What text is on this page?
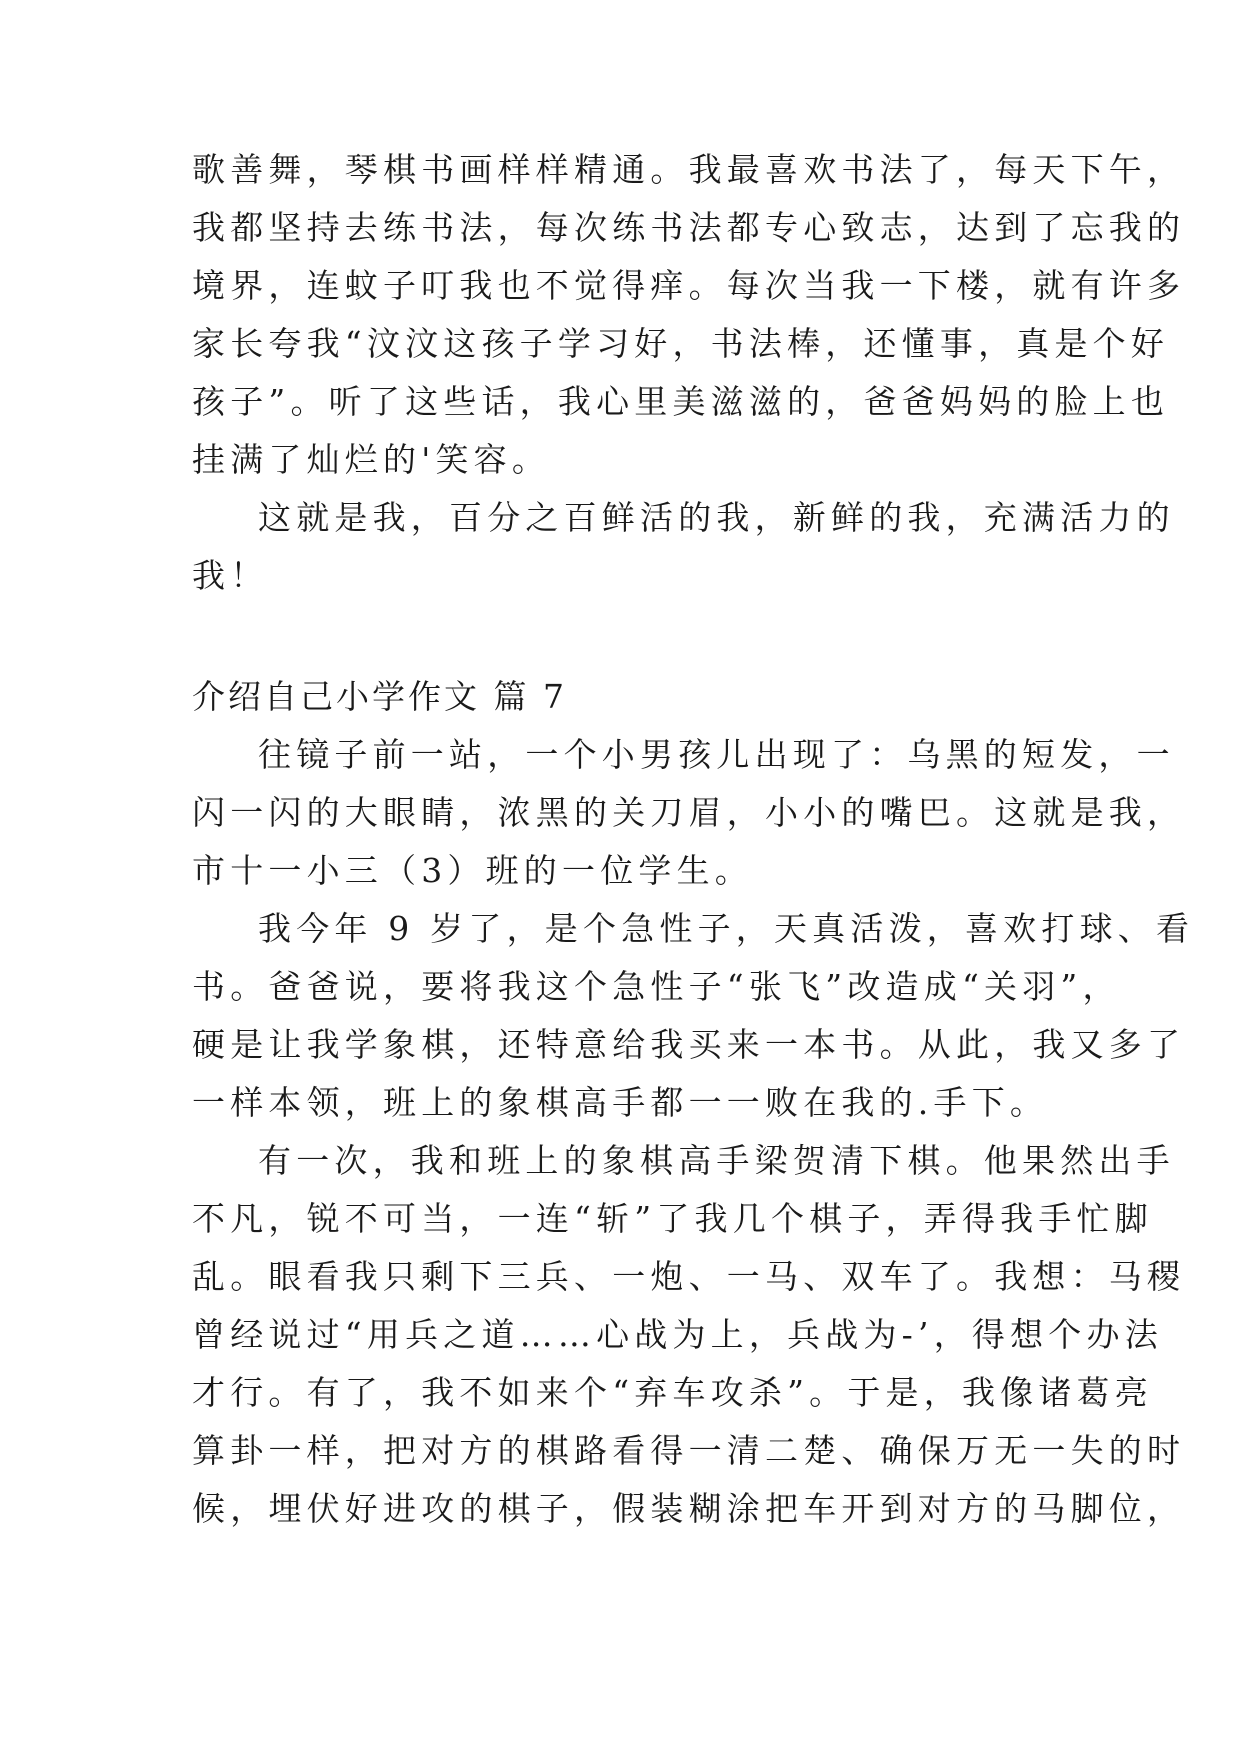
歌善舞，琴棋书画样样精通。我最喜欢书法了，每天下午，
我都坚持去练书法，每次练书法都专心致志，达到了忘我的
境界，连蚊子叮我也不觉得痒。每次当我一下楼，就有许多
家长夸我“汶汶这孩子学习好，书法棒，还懂事，真是个好
孩子”。听了这些话，我心里美滋滋的，爸爸妈妈的脸上也
挂满了灿烂的'笑容。
这就是我，百分之百鲜活的我，新鲜的我，充满活力的
我！
介绍自己小学作文 篇 7
往镜子前一站，一个小男孩儿出现了：乌黑的短发，一
闪一闪的大眼睛，浓黑的关刀眉，小小的嘴巴。这就是我，
市十一小三（3）班的一位学生。
我今年 9 岁了，是个急性子，天真活泼，喜欢打球、看
书。爸爸说，要将我这个急性子“张飞”改造成“关羽”，
硬是让我学象棋，还特意给我买来一本书。从此，我又多了
一样本领，班上的象棋高手都一一败在我的.手下。
有一次，我和班上的象棋高手梁贺清下棋。他果然出手
不凡，锐不可当，一连“斩”了我几个棋子，弄得我手忙脚
乱。眼看我只剩下三兵、一炮、一马、双车了。我想：马稷
曾经说过“用兵之道……心战为上，兵战为-’，得想个办法
才行。有了，我不如来个“弃车攻杀”。于是，我像诸葛亮
算卦一样，把对方的棋路看得一清二楚、确保万无一失的时
候，埋伏好进攻的棋子，假装糊涂把车开到对方的马脚位，
